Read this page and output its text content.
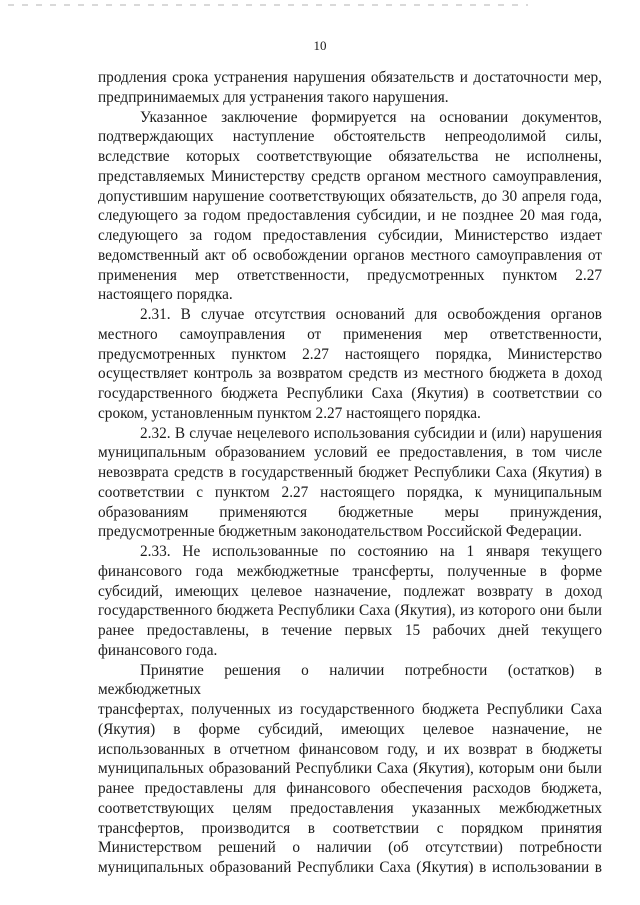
10

продления срока устранения нарушения обязательств и достаточности мер,

предпринимаемых для устранения такого нарушения.

Указанное заключение формируется на основании документов,

подтверждающих наступление обстоятельств непреодолимой силы,

вследствие которых соответствующие обязательства не исполнены,

представляемых Министерству средств органом местного самоуправления,

допустившим нарушение соответствующих обязательств, до 30 апреля года,

следующего за годом предоставления субсидии, и не позднее 20 мая года,

следующего за годом предоставления субсидии, Министерство издает

ведомственный акт об освобождении органов местного самоуправления от

применения мер ответственности, предусмотренных пунктом 2.27

настоящего порядка.

2.31. В случае отсутствия оснований для освобождения органов

местного самоуправления от применения мер ответственности,

предусмотренных пунктом 2.27 настоящего порядка, Министерство

осуществляет контроль за возвратом средств из местного бюджета в доход

государственного бюджета Республики Саха (Якутия) в соответствии со

сроком, установленным пунктом 2.27 настоящего порядка.

2.32. В случае нецелевого использования субсидии и (или) нарушения

муниципальным образованием условий ее предоставления, в том числе

невозврата средств в государственный бюджет Республики Саха (Якутия) в

соответствии с пунктом 2.27 настоящего порядка, к муниципальным

образованиям применяются бюджетные меры принуждения,

предусмотренные бюджетным законодательством Российской Федерации.

2.33. Не использованные по состоянию на 1 января текущего

финансового года межбюджетные трансферты, полученные в форме

субсидий, имеющих целевое назначение, подлежат возврату в доход

государственного бюджета Республики Саха (Якутия), из которого они были

ранее предоставлены, в течение первых 15 рабочих дней текущего

финансового года.

Принятие решения о наличии потребности (остатков) в межбюджетных

трансфертах, полученных из государственного бюджета Республики Саха

(Якутия) в форме субсидий, имеющих целевое назначение, не

использованных в отчетном финансовом году, и их возврат в бюджеты

муниципальных образований Республики Саха (Якутия), которым они были

ранее предоставлены для финансового обеспечения расходов бюджета,

соответствующих целям предоставления указанных межбюджетных

трансфертов, производится в соответствии с порядком принятия

Министерством решений о наличии (об отсутствии) потребности

муниципальных образований Республики Саха (Якутия) в использовании в
